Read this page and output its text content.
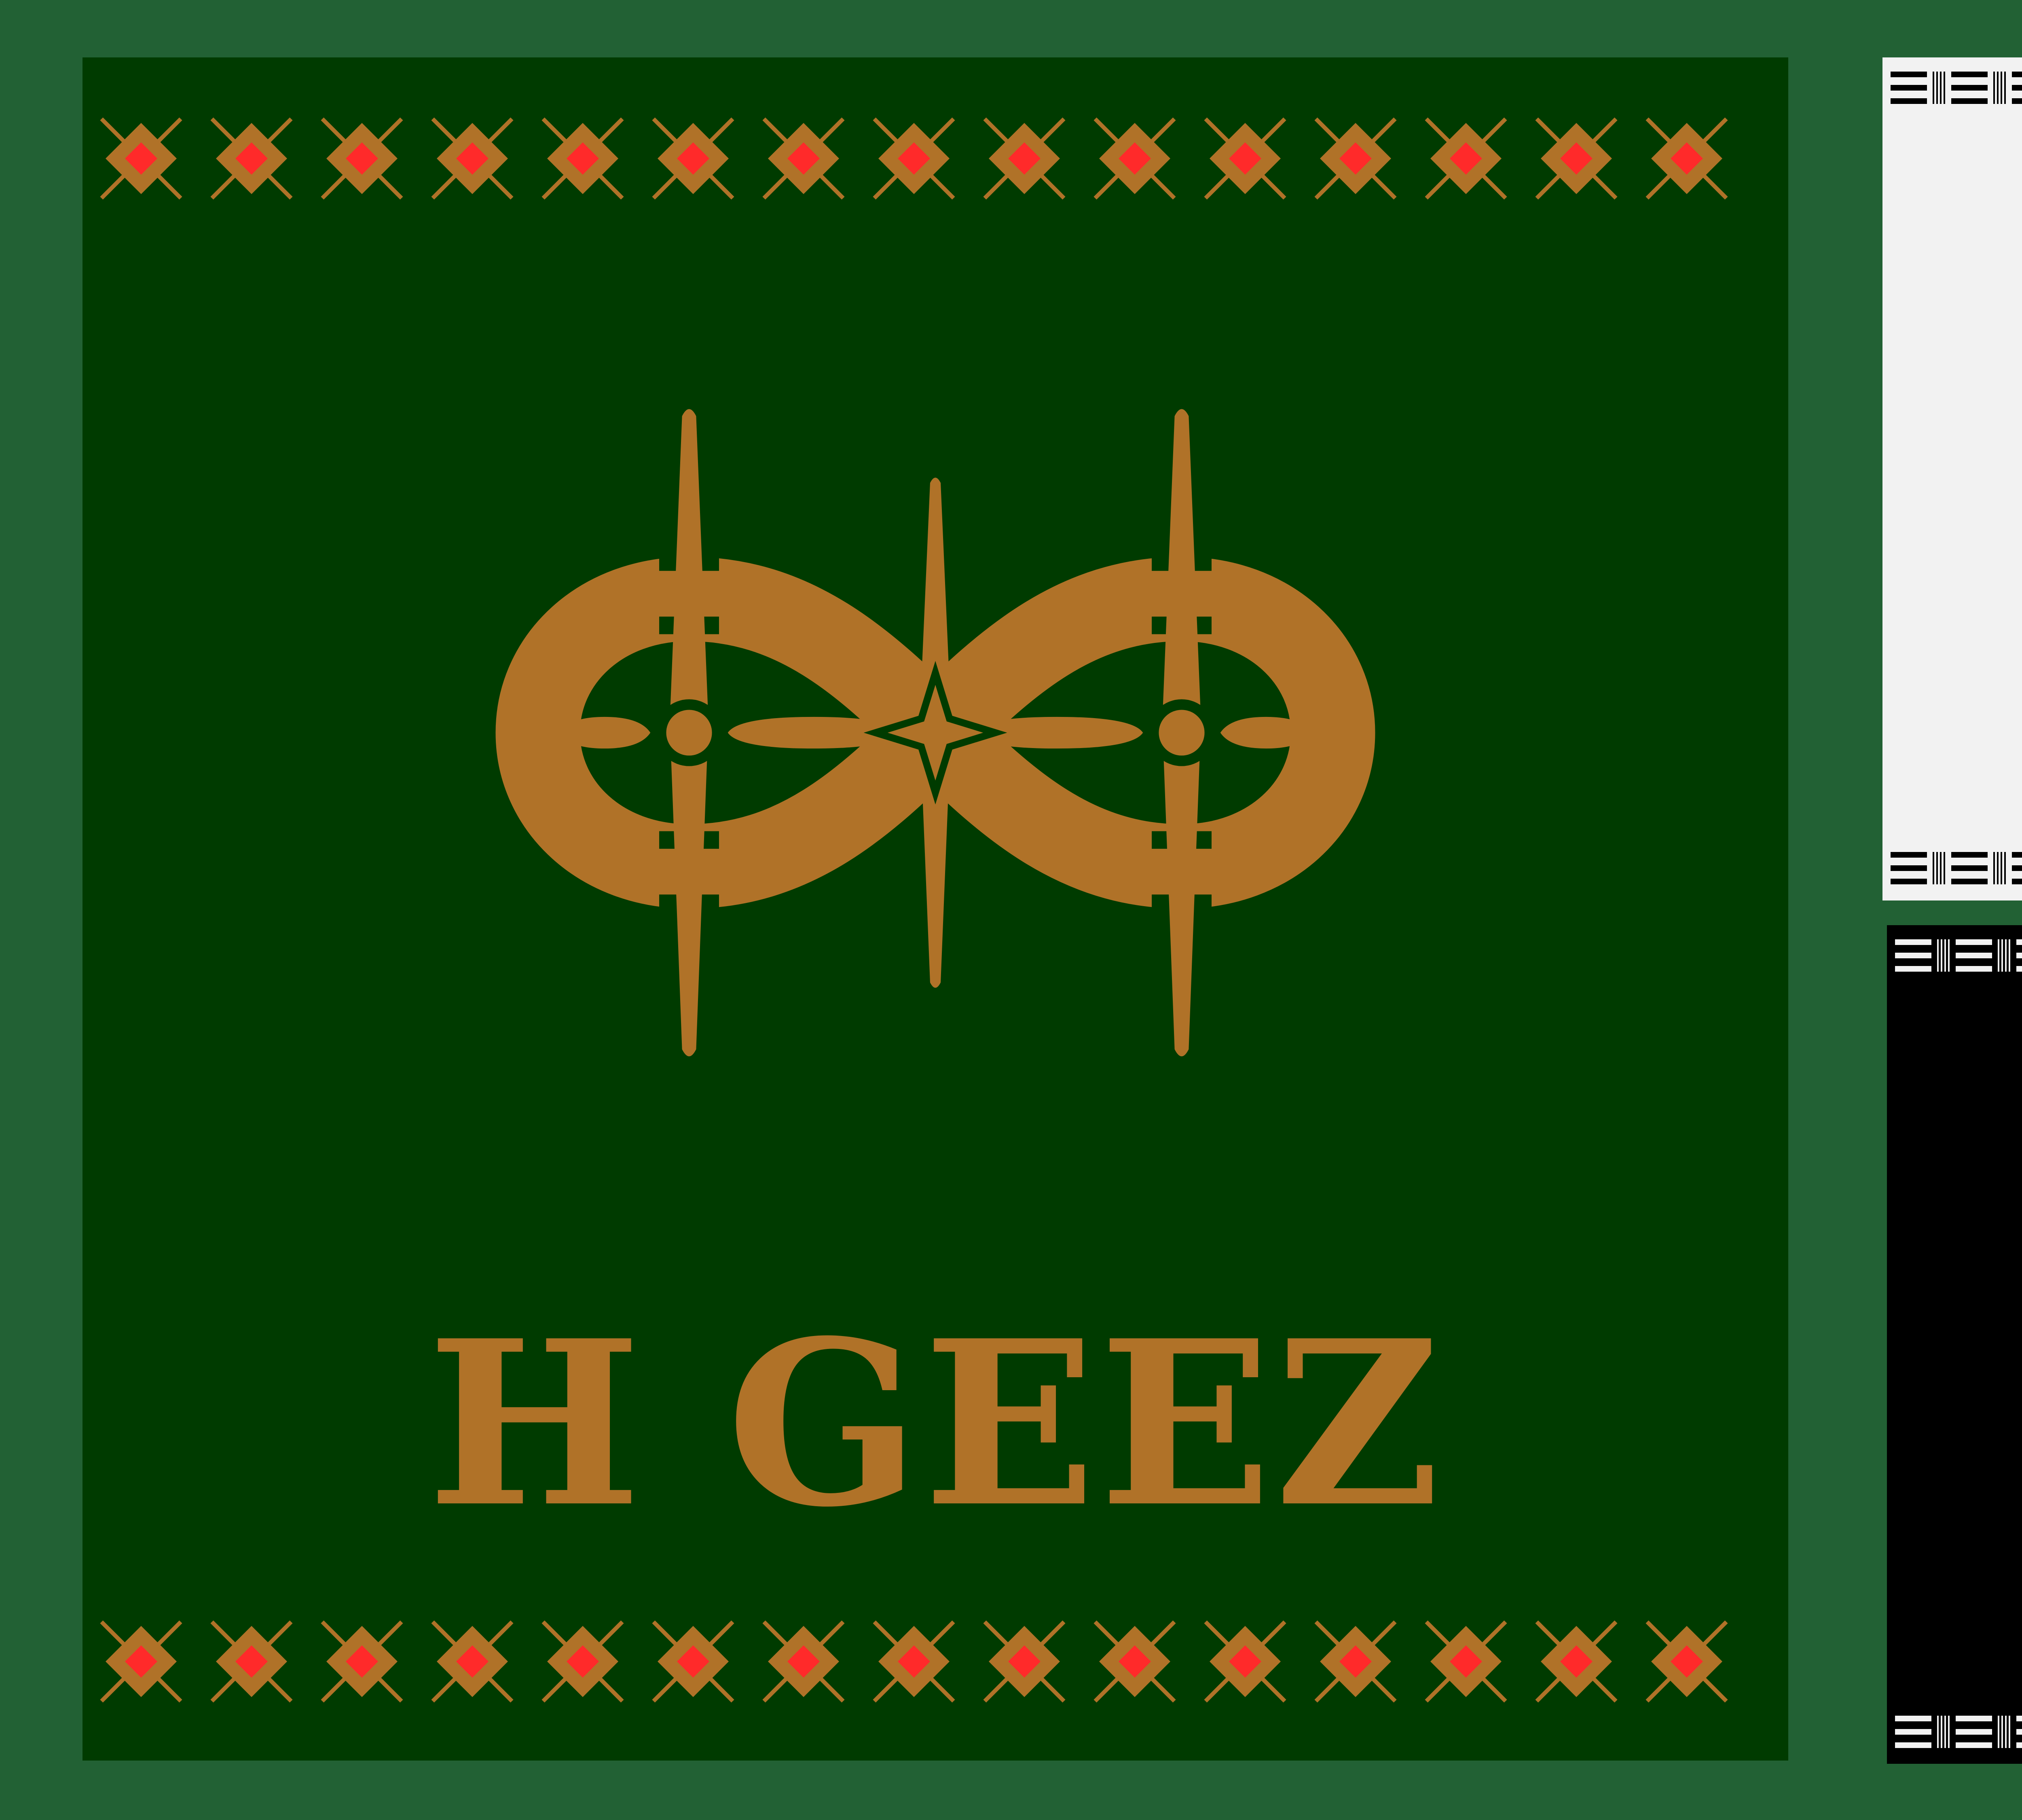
H GEEZ
